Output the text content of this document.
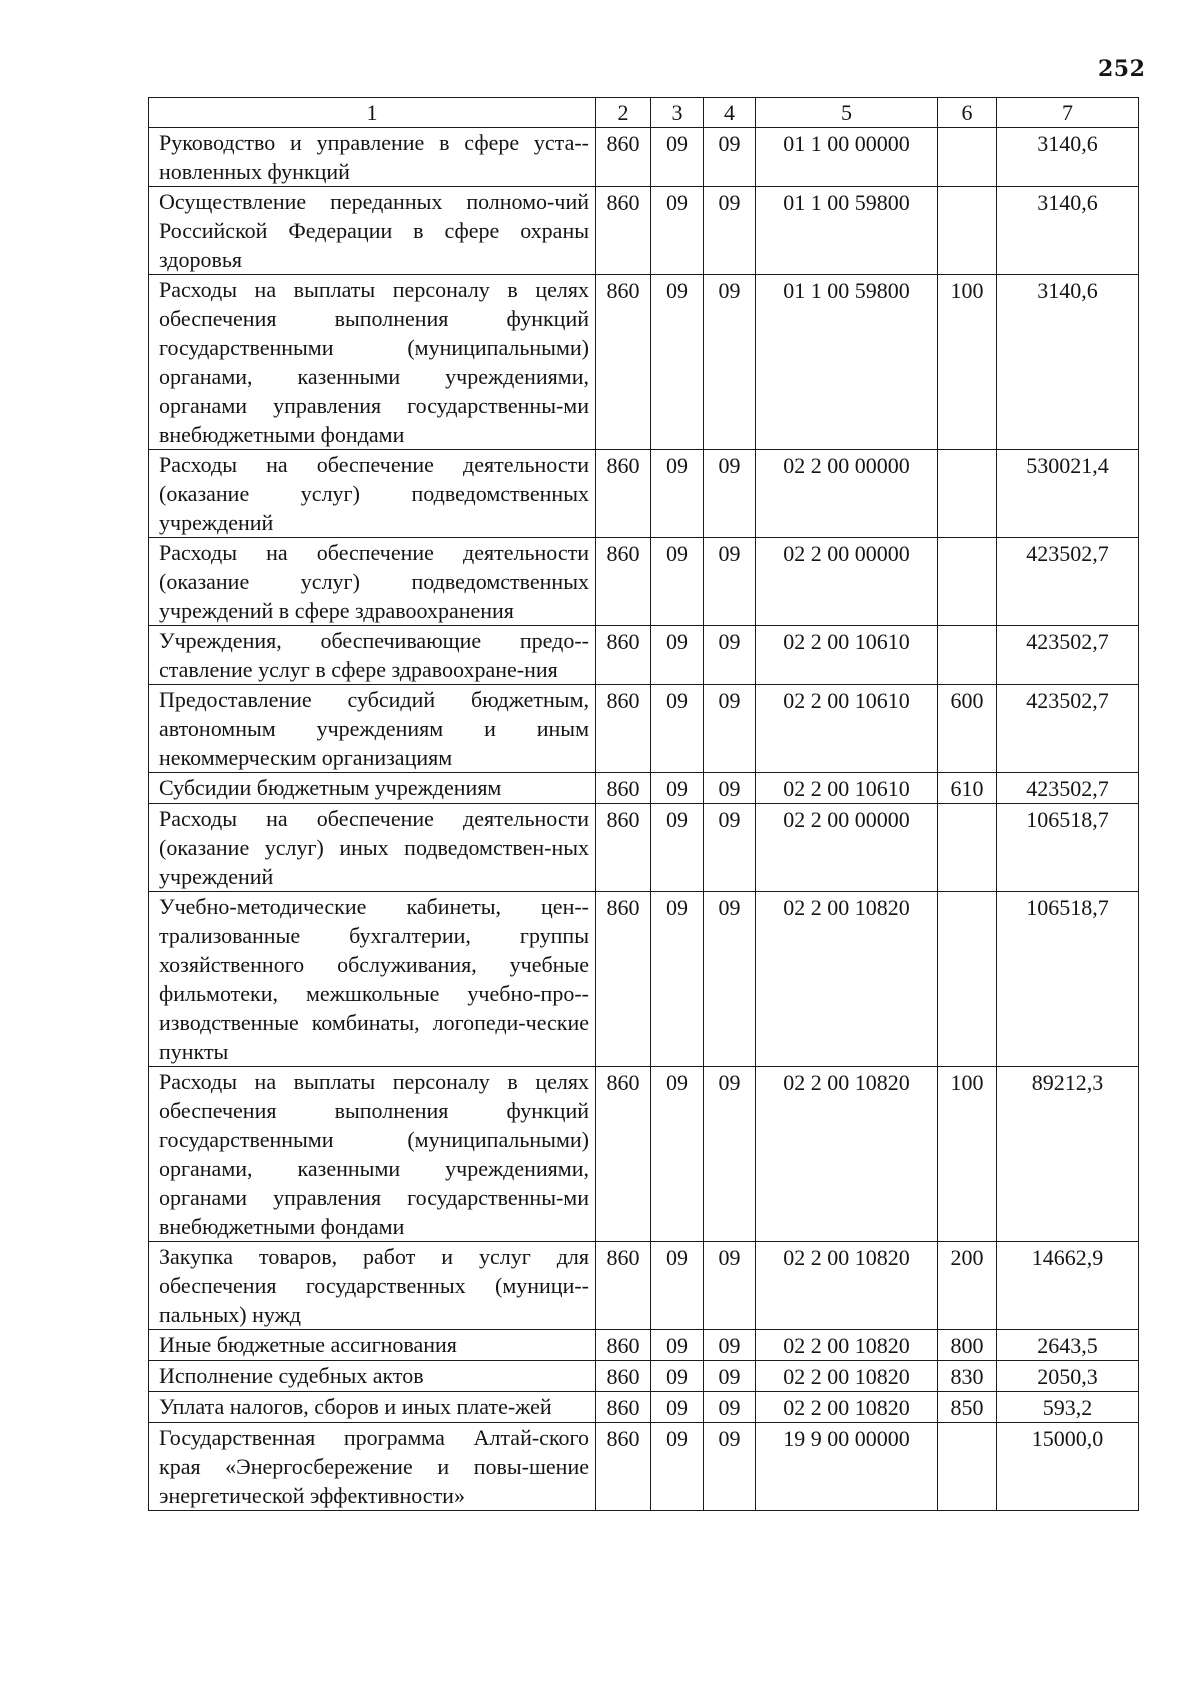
252
1	2	3	4	5	6	7
Руководство и управление в сфере уста-новленных функций	860	09	09	01 1 00 00000		3140,6
Осуществление переданных полномо-чий Российской Федерации в сфере охраны здоровья	860	09	09	01 1 00 59800		3140,6
Расходы на выплаты персоналу в целях обеспечения выполнения функций государственными (муниципальными) органами, казенными учреждениями, органами управления государственны-ми внебюджетными фондами	860	09	09	01 1 00 59800	100	3140,6
Расходы на обеспечение деятельности (оказание услуг) подведомственных учреждений	860	09	09	02 2 00 00000		530021,4
Расходы на обеспечение деятельности (оказание услуг) подведомственных учреждений в сфере здравоохранения	860	09	09	02 2 00 00000		423502,7
Учреждения, обеспечивающие предо-ставление услуг в сфере здравоохране-ния	860	09	09	02 2 00 10610		423502,7
Предоставление субсидий бюджетным, автономным учреждениям и иным некоммерческим организациям	860	09	09	02 2 00 10610	600	423502,7
Субсидии бюджетным учреждениям	860	09	09	02 2 00 10610	610	423502,7
Расходы на обеспечение деятельности (оказание услуг) иных подведомствен-ных учреждений	860	09	09	02 2 00 00000		106518,7
Учебно-методические кабинеты, цен-трализованные бухгалтерии, группы хозяйственного обслуживания, учебные фильмотеки, межшкольные учебно-про-изводственные комбинаты, логопеди-ческие пункты	860	09	09	02 2 00 10820		106518,7
Расходы на выплаты персоналу в целях обеспечения выполнения функций государственными (муниципальными) органами, казенными учреждениями, органами управления государственны-ми внебюджетными фондами	860	09	09	02 2 00 10820	100	89212,3
Закупка товаров, работ и услуг для обеспечения государственных (муници-пальных) нужд	860	09	09	02 2 00 10820	200	14662,9
Иные бюджетные ассигнования	860	09	09	02 2 00 10820	800	2643,5
Исполнение судебных актов	860	09	09	02 2 00 10820	830	2050,3
Уплата налогов, сборов и иных плате-жей	860	09	09	02 2 00 10820	850	593,2
Государственная программа Алтай-ского края «Энергосбережение и повы-шение энергетической эффективности»	860	09	09	19 9 00 00000		15000,0
